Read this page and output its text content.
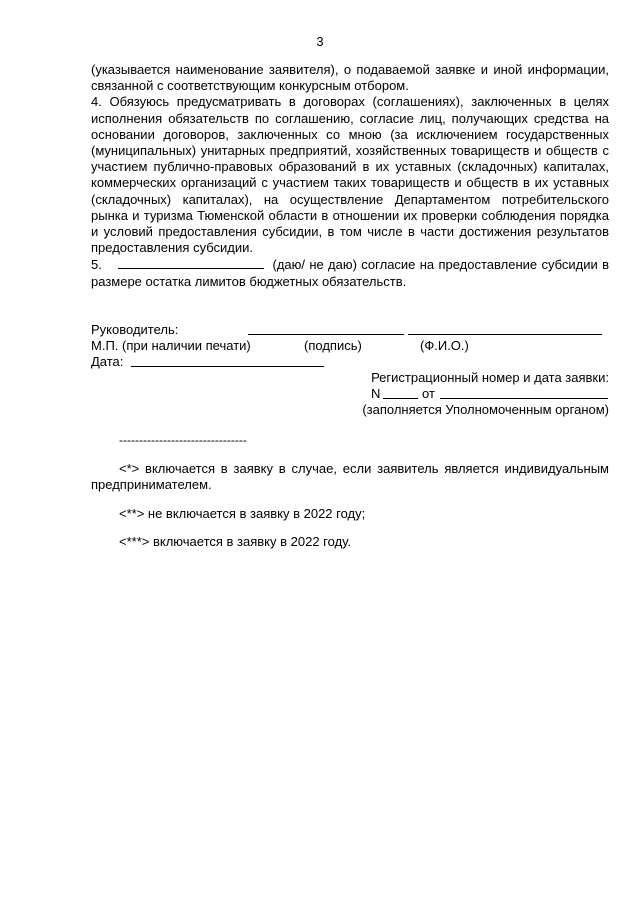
3

(указывается наименование заявителя), о подаваемой заявке и иной информации, связанной с соответствующим конкурсным отбором.

4. Обязуюсь предусматривать в договорах (соглашениях), заключенных в целях исполнения обязательств по соглашению, согласие лиц, получающих средства на основании договоров, заключенных со мною (за исключением государственных (муниципальных) унитарных предприятий, хозяйственных товариществ и обществ с участием публично-правовых образований в их уставных (складочных) капиталах, коммерческих организаций с участием таких товариществ и обществ в их уставных (складочных) капиталах), на осуществление Департаментом потребительского рынка и туризма Тюменской области в отношении их проверки соблюдения порядка и условий предоставления субсидии, в том числе в части достижения результатов предоставления субсидии.

5.	(даю/ не даю) согласие на предоставление субсидии в размере остатка лимитов бюджетных обязательств.

Руководитель:
М.П. (при наличии печати)	(подпись)	(Ф.И.О.)
Дата:
Регистрационный номер и дата заявки:
N	от
(заполняется Уполномоченным органом)
--------------------------------

<*> включается в заявку в случае, если заявитель является индивидуальным предпринимателем.

<**> не включается в заявку в 2022 году;

<***> включается в заявку в 2022 году.
